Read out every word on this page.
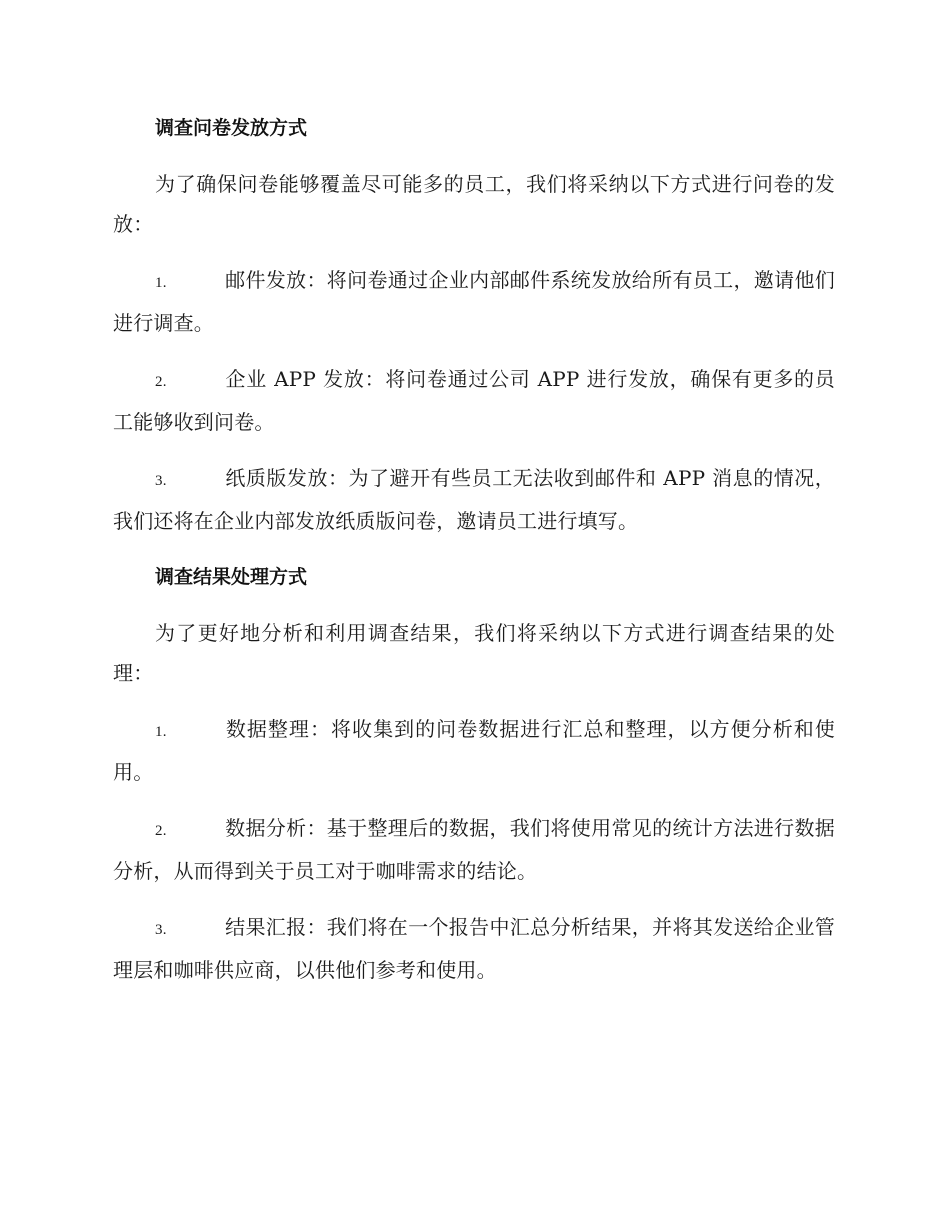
调查问卷发放方式

为了确保问卷能够覆盖尽可能多的员工，我们将采纳以下方式进行问卷的发放：

1.	邮件发放：将问卷通过企业内部邮件系统发放给所有员工，邀请他们进行调查。

2.	企业 APP 发放：将问卷通过公司 APP 进行发放，确保有更多的员工能够收到问卷。

3.	纸质版发放：为了避开有些员工无法收到邮件和 APP 消息的情况，我们还将在企业内部发放纸质版问卷，邀请员工进行填写。

调查结果处理方式

为了更好地分析和利用调查结果，我们将采纳以下方式进行调查结果的处理：

1.	数据整理：将收集到的问卷数据进行汇总和整理，以方便分析和使用。

2.	数据分析：基于整理后的数据，我们将使用常见的统计方法进行数据分析，从而得到关于员工对于咖啡需求的结论。

3.	结果汇报：我们将在一个报告中汇总分析结果，并将其发送给企业管理层和咖啡供应商，以供他们参考和使用。
